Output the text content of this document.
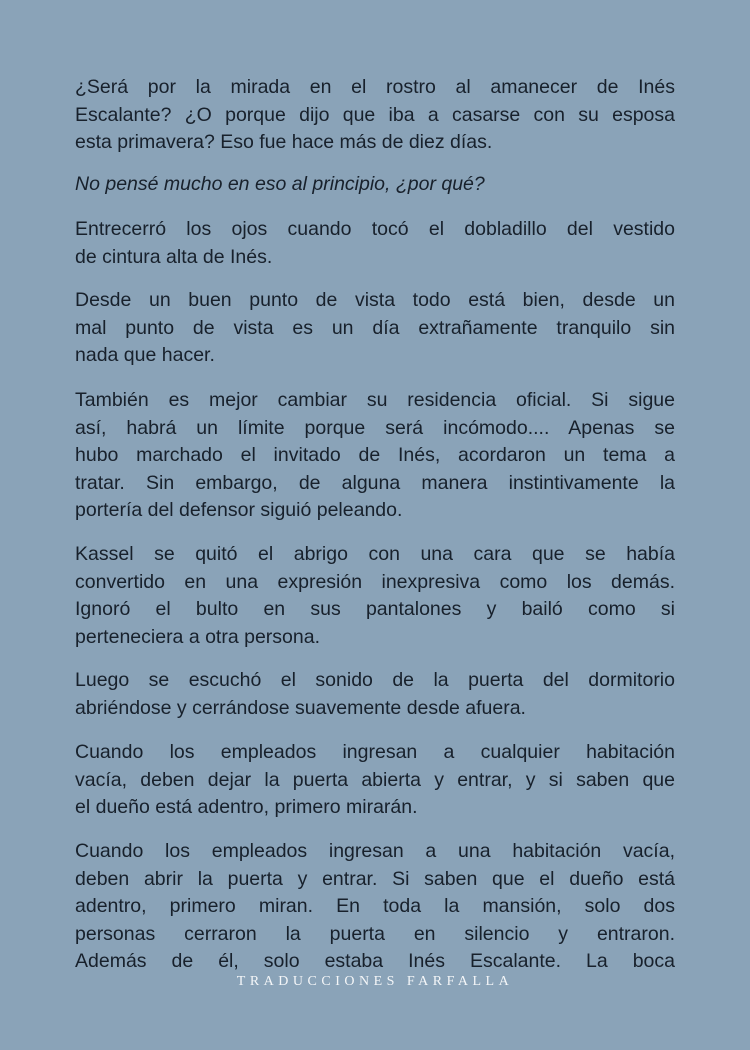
¿Será por la mirada en el rostro al amanecer de Inés
Escalante? ¿O porque dijo que iba a casarse con su esposa
esta primavera? Eso fue hace más de diez días.
No pensé mucho en eso al principio, ¿por qué?
Entrecerró los ojos cuando tocó el dobladillo del vestido
de cintura alta de Inés.
Desde un buen punto de vista todo está bien, desde un
mal punto de vista es un día extrañamente tranquilo sin
nada que hacer.
También es mejor cambiar su residencia oficial. Si sigue
así, habrá un límite porque será incómodo.... Apenas se
hubo marchado el invitado de Inés, acordaron un tema a
tratar. Sin embargo, de alguna manera instintivamente la
portería del defensor siguió peleando.
Kassel se quitó el abrigo con una cara que se había
convertido en una expresión inexpresiva como los demás.
Ignoró el bulto en sus pantalones y bailó como si
perteneciera a otra persona.
Luego se escuchó el sonido de la puerta del dormitorio
abriéndose y cerrándose suavemente desde afuera.
Cuando los empleados ingresan a cualquier habitación
vacía, deben dejar la puerta abierta y entrar, y si saben que
el dueño está adentro, primero mirarán.
Cuando los empleados ingresan a una habitación vacía,
deben abrir la puerta y entrar. Si saben que el dueño está
adentro, primero miran. En toda la mansión, solo dos
personas cerraron la puerta en silencio y entraron.
Además de él, solo estaba Inés Escalante. La boca
TRADUCCIONES FARFALLA
